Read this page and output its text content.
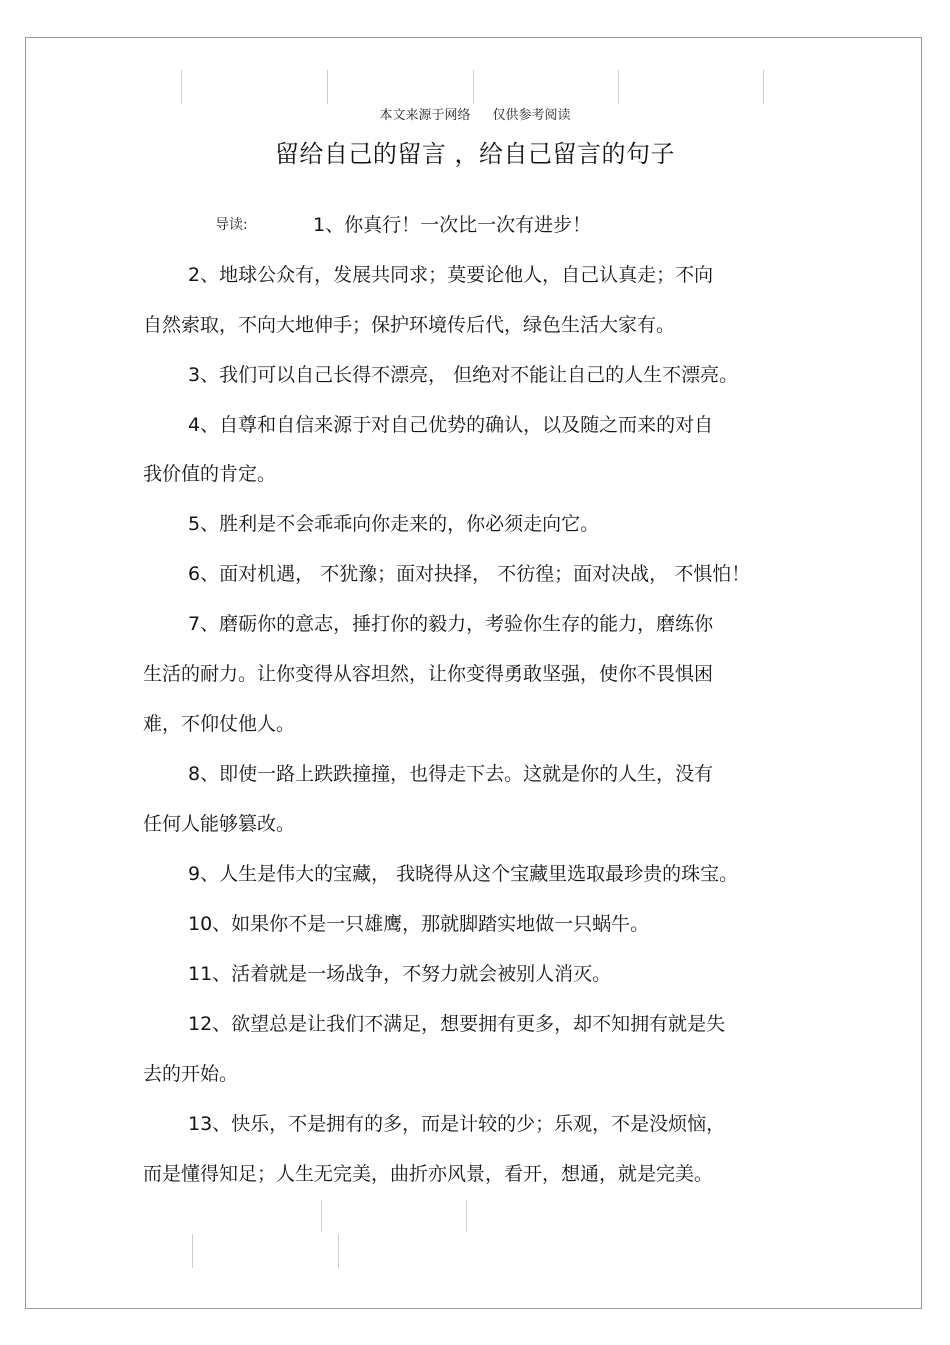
本文来源于网络 仅供参考阅读
留给自己的留言 ，给自己留言的句子
导读:	1、你真行！一次比一次有进步！
2、地球公众有，发展共同求；莫要论他人，自己认真走；不向
自然索取，不向大地伸手；保护环境传后代，绿色生活大家有。
3、我们可以自己长得不漂亮， 但绝对不能让自己的人生不漂亮。
4、自尊和自信来源于对自己优势的确认，以及随之而来的对自
我价值的肯定。
5、胜利是不会乖乖向你走来的，你必须走向它。
6、面对机遇， 不犹豫；面对抉择， 不彷徨；面对决战， 不惧怕！
7、磨砺你的意志，捶打你的毅力，考验你生存的能力，磨练你
生活的耐力。让你变得从容坦然，让你变得勇敢坚强，使你不畏惧困
难，不仰仗他人。
8、即使一路上跌跌撞撞，也得走下去。这就是你的人生，没有
任何人能够篡改。
9、人生是伟大的宝藏， 我晓得从这个宝藏里选取最珍贵的珠宝。
10、如果你不是一只雄鹰，那就脚踏实地做一只蜗牛。
11、活着就是一场战争，不努力就会被别人消灭。
12、欲望总是让我们不满足，想要拥有更多，却不知拥有就是失
去的开始。
13、快乐，不是拥有的多，而是计较的少；乐观，不是没烦恼，
而是懂得知足；人生无完美，曲折亦风景，看开，想通，就是完美。
